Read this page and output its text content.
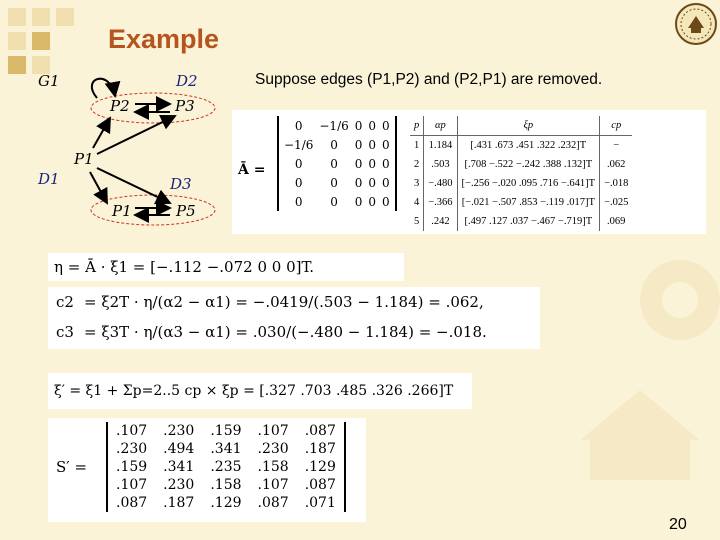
Example
G1	D2
P2	P3
P1
D1	D3
P1	P5
Suppose edges (P1,P2) and (P2,P1) are removed.
Ā =
0	−1/6	0	0	0
−1/6	0	0	0	0
0	0	0	0	0
0	0	0	0	0
0	0	0	0	0
p	αp	ξp	cp
1	1.184	[.431 .673 .451 .322 .232]T	−
2	.503	[.708 −.522 −.242 .388 .132]T	.062
3	−.480	[−.256 −.020 .095 .716 −.641]T	−.018
4	−.366	[−.021 −.507 .853 −.119 .017]T	−.025
5	.242	[.497 .127 .037 −.467 −.719]T	.069
η = Ā · ξ1 = [−.112 −.072 0 0 0]T.
c2 = ξ2T · η/(α2 − α1) = −.0419/(.503 − 1.184) = .062,
c3 = ξ3T · η/(α3 − α1) = .030/(−.480 − 1.184) = −.018.
ξ′ = ξ1 + Σp=2..5 cp × ξp = [.327 .703 .485 .326 .266]T
S′ =
.107	.230	.159	.107	.087
.230	.494	.341	.230	.187
.159	.341	.235	.158	.129
.107	.230	.158	.107	.087
.087	.187	.129	.087	.071
20
